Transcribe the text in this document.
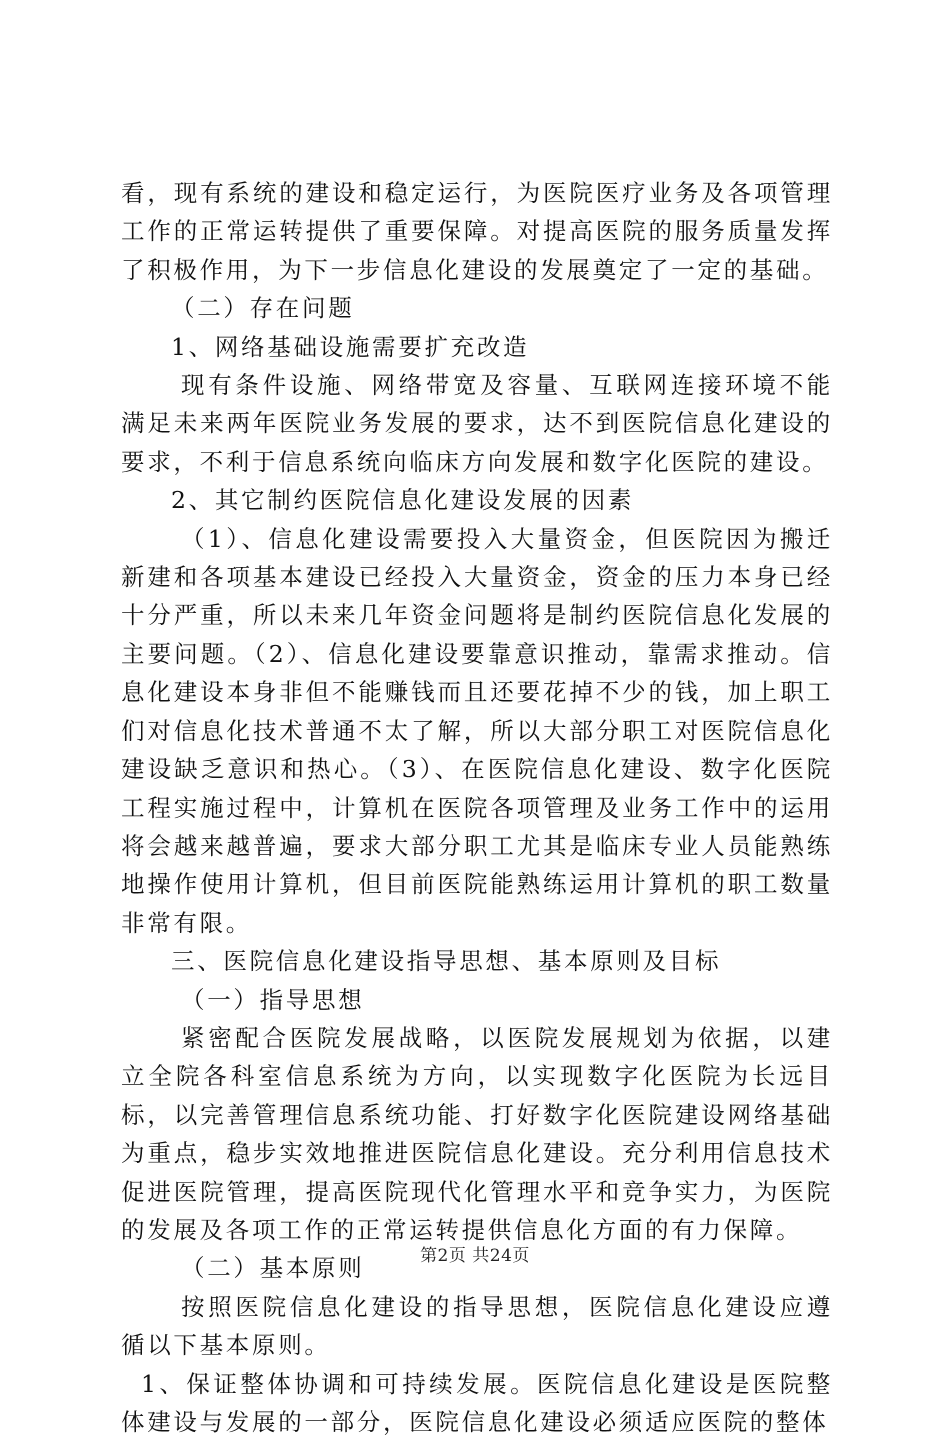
看，现有系统的建设和稳定运行，为医院医疗业务及各项管理工作的正常运转提供了重要保障。对提高医院的服务质量发挥了积极作用，为下一步信息化建设的发展奠定了一定的基础。

（二）存在问题

1、网络基础设施需要扩充改造

现有条件设施、网络带宽及容量、互联网连接环境不能满足未来两年医院业务发展的要求，达不到医院信息化建设的要求，不利于信息系统向临床方向发展和数字化医院的建设。

2、其它制约医院信息化建设发展的因素

（1）、信息化建设需要投入大量资金，但医院因为搬迁新建和各项基本建设已经投入大量资金，资金的压力本身已经十分严重，所以未来几年资金问题将是制约医院信息化发展的主要问题。（2）、信息化建设要靠意识推动，靠需求推动。信息化建设本身非但不能赚钱而且还要花掉不少的钱，加上职工们对信息化技术普通不太了解，所以大部分职工对医院信息化建设缺乏意识和热心。（3）、在医院信息化建设、数字化医院工程实施过程中，计算机在医院各项管理及业务工作中的运用将会越来越普遍，要求大部分职工尤其是临床专业人员能熟练地操作使用计算机，但目前医院能熟练运用计算机的职工数量非常有限。

三、医院信息化建设指导思想、基本原则及目标

（一）指导思想

紧密配合医院发展战略，以医院发展规划为依据，以建立全院各科室信息系统为方向，以实现数字化医院为长远目标，以完善管理信息系统功能、打好数字化医院建设网络基础为重点，稳步实效地推进医院信息化建设。充分利用信息技术促进医院管理，提高医院现代化管理水平和竞争实力，为医院的发展及各项工作的正常运转提供信息化方面的有力保障。

（二）基本原则

按照医院信息化建设的指导思想，医院信息化建设应遵循以下基本原则。

1、保证整体协调和可持续发展。医院信息化建设是医院整体建设与发展的一部分，医院信息化建设必须适应医院的整体

第2页 共24页
